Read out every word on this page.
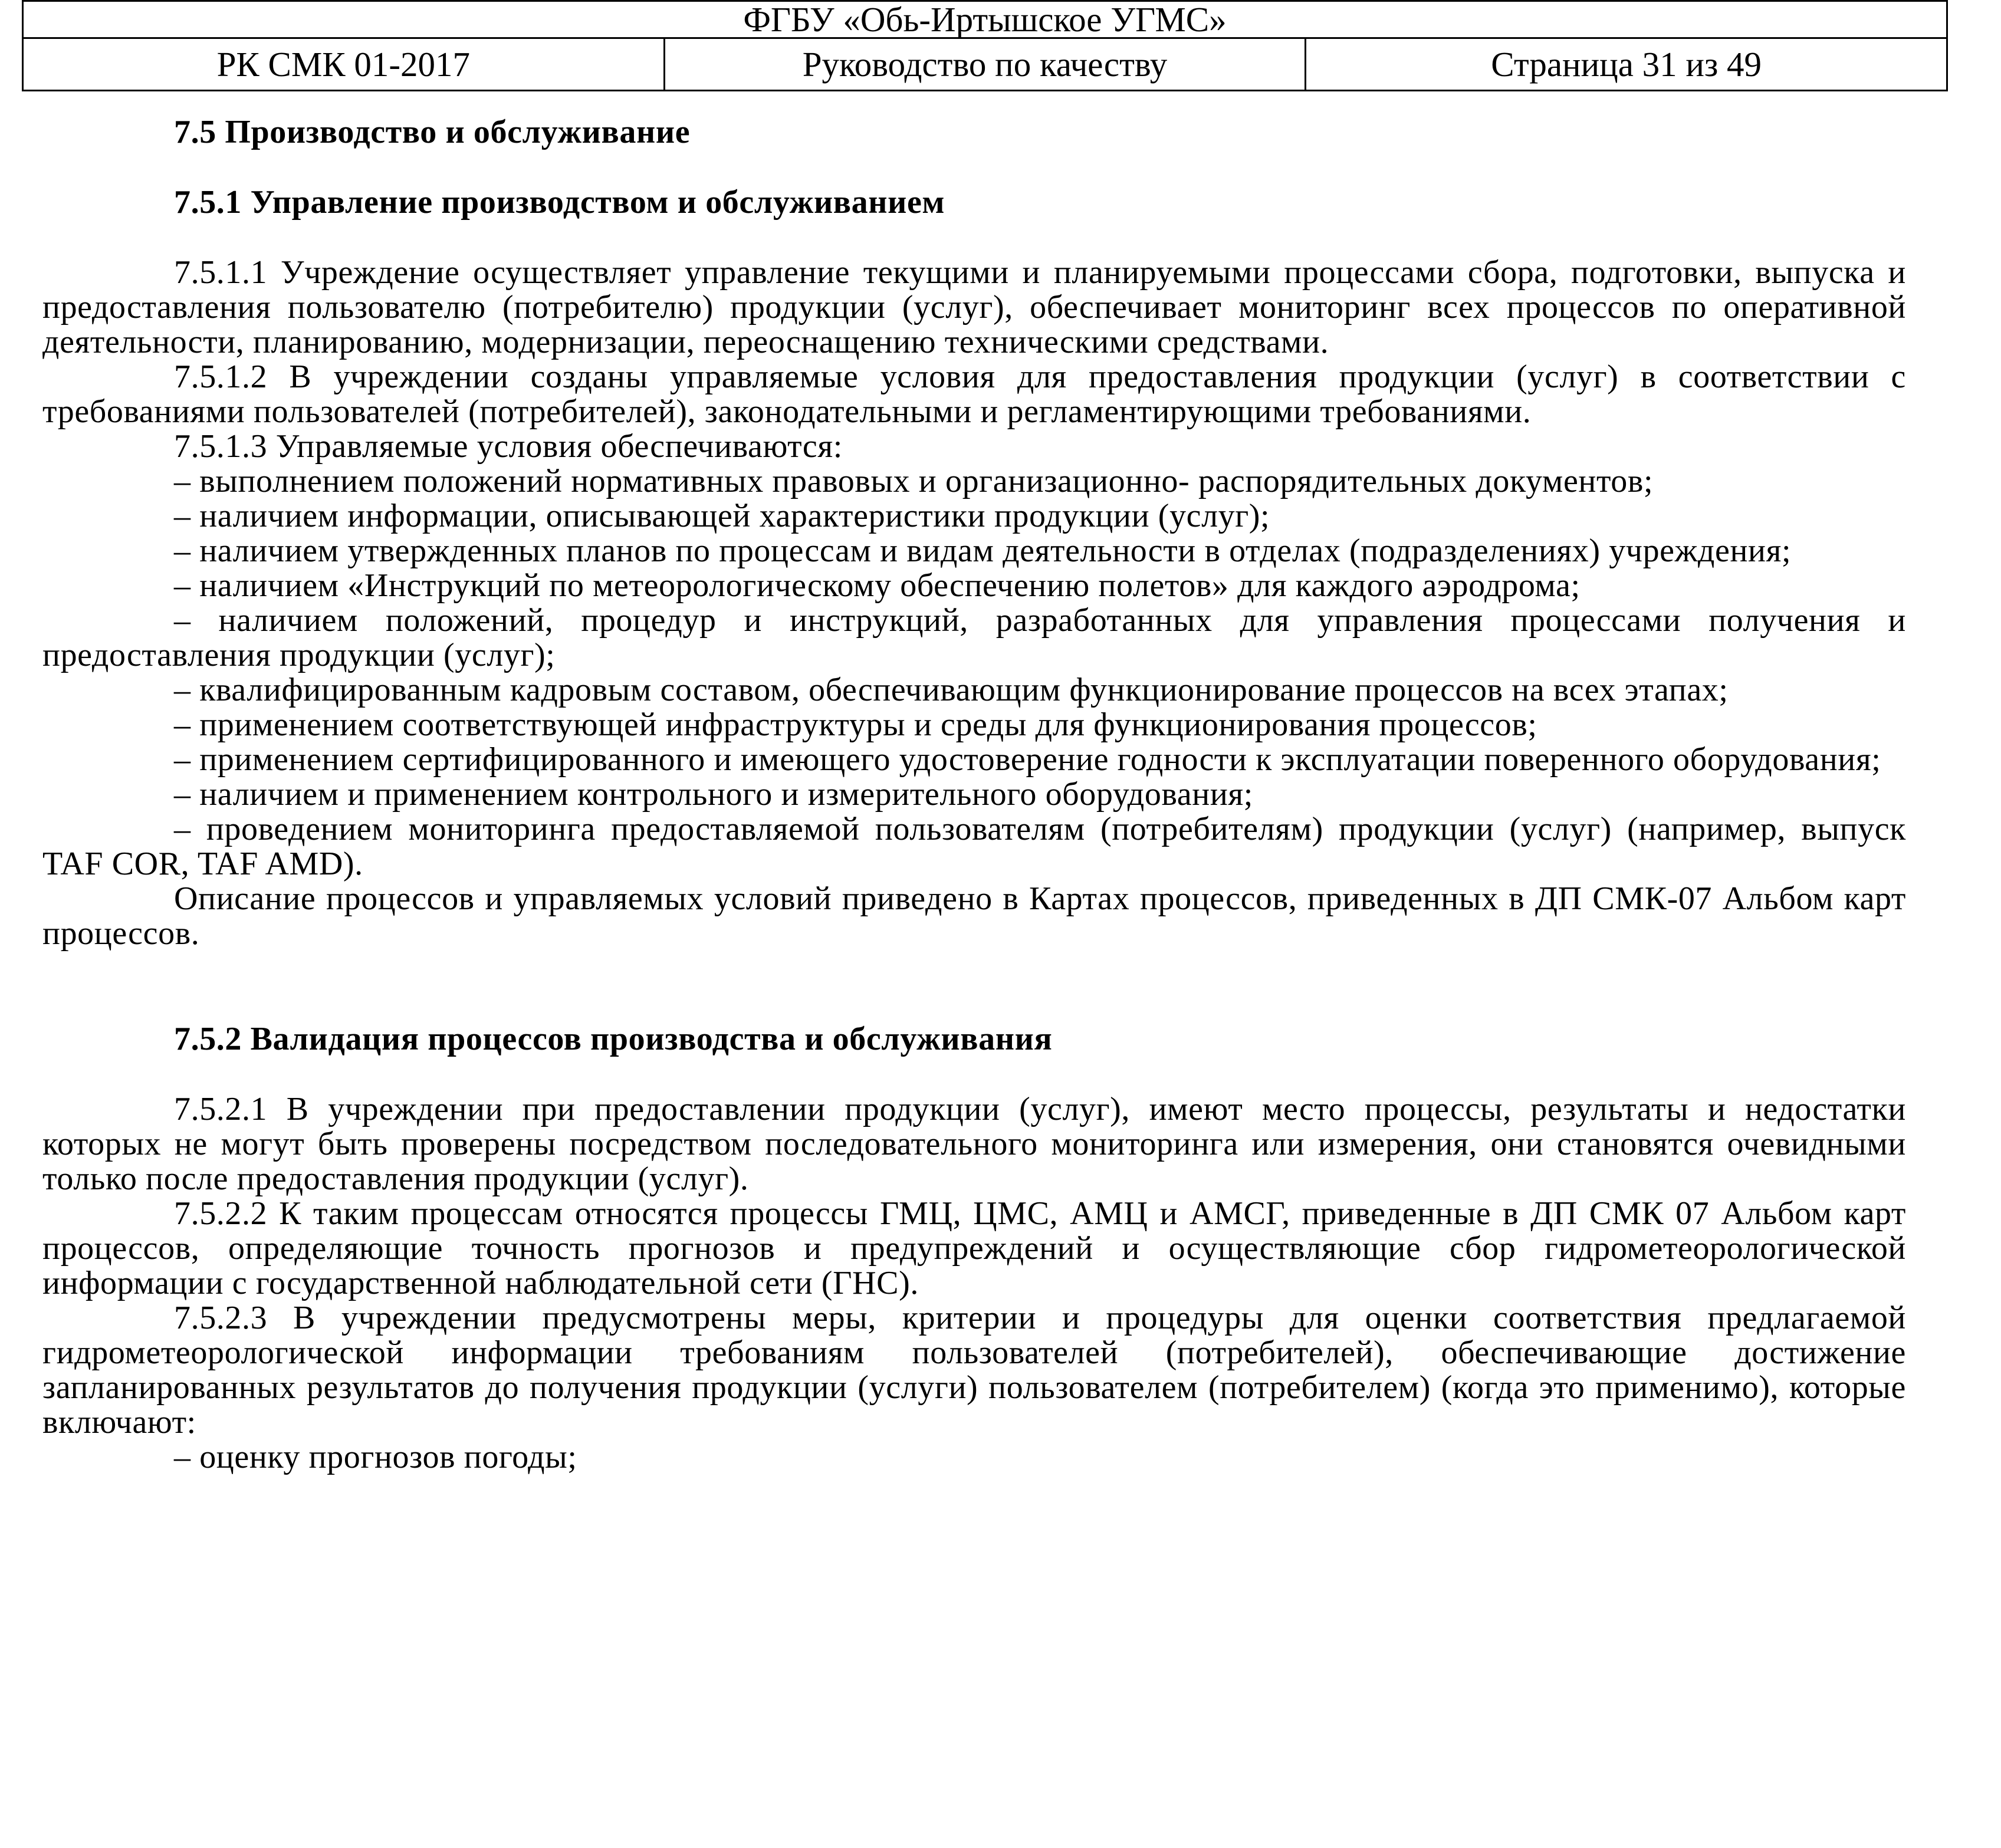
ФГБУ «Обь-Иртышское УГМС»
РК СМК 01-2017	Руководство по качеству	Страница 31 из 49

7.5 Производство и обслуживание

7.5.1 Управление производством и обслуживанием

7.5.1.1 Учреждение осуществляет управление текущими и планируемыми процессами сбора, подготовки, выпуска и предоставления пользователю (потребителю) продукции (услуг), обеспечивает мониторинг всех процессов по оперативной деятельности, планированию, модернизации, переоснащению техническими средствами.

7.5.1.2 В учреждении созданы управляемые условия для предоставления продукции (услуг) в соответствии с требованиями пользователей (потребителей), законодательными и регламентирующими требованиями.

7.5.1.3 Управляемые условия обеспечиваются:

– выполнением положений нормативных правовых и организационно- распорядительных документов;

– наличием информации, описывающей характеристики продукции (услуг);

– наличием утвержденных планов по процессам и видам деятельности в отделах (подразделениях) учреждения;

– наличием «Инструкций по метеорологическому обеспечению полетов» для каждого аэродрома;

– наличием положений, процедур и инструкций, разработанных для управления процессами получения и предоставления продукции (услуг);

– квалифицированным кадровым составом, обеспечивающим функционирование процессов на всех этапах;

– применением соответствующей инфраструктуры и среды для функционирования процессов;

– применением сертифицированного и имеющего удостоверение годности к эксплуатации поверенного оборудования;

– наличием и применением контрольного и измерительного оборудования;

– проведением мониторинга предоставляемой пользователям (потребителям) продукции (услуг) (например, выпуск TAF COR, TAF AMD).

Описание процессов и управляемых условий приведено в Картах процессов, приведенных в ДП СМК-07 Альбом карт процессов.

7.5.2 Валидация процессов производства и обслуживания

7.5.2.1 В учреждении при предоставлении продукции (услуг), имеют место процессы, результаты и недостатки которых не могут быть проверены посредством последовательного мониторинга или измерения, они становятся очевидными только после предоставления продукции (услуг).

7.5.2.2 К таким процессам относятся процессы ГМЦ, ЦМС, АМЦ и АМСГ, приведенные в ДП СМК 07 Альбом карт процессов, определяющие точность прогнозов и предупреждений и осуществляющие сбор гидрометеорологической информации с государственной наблюдательной сети (ГНС).

7.5.2.3 В учреждении предусмотрены меры, критерии и процедуры для оценки соответствия предлагаемой гидрометеорологической информации требованиям пользователей (потребителей), обеспечивающие достижение запланированных результатов до получения продукции (услуги) пользователем (потребителем) (когда это применимо), которые включают:

– оценку прогнозов погоды;
